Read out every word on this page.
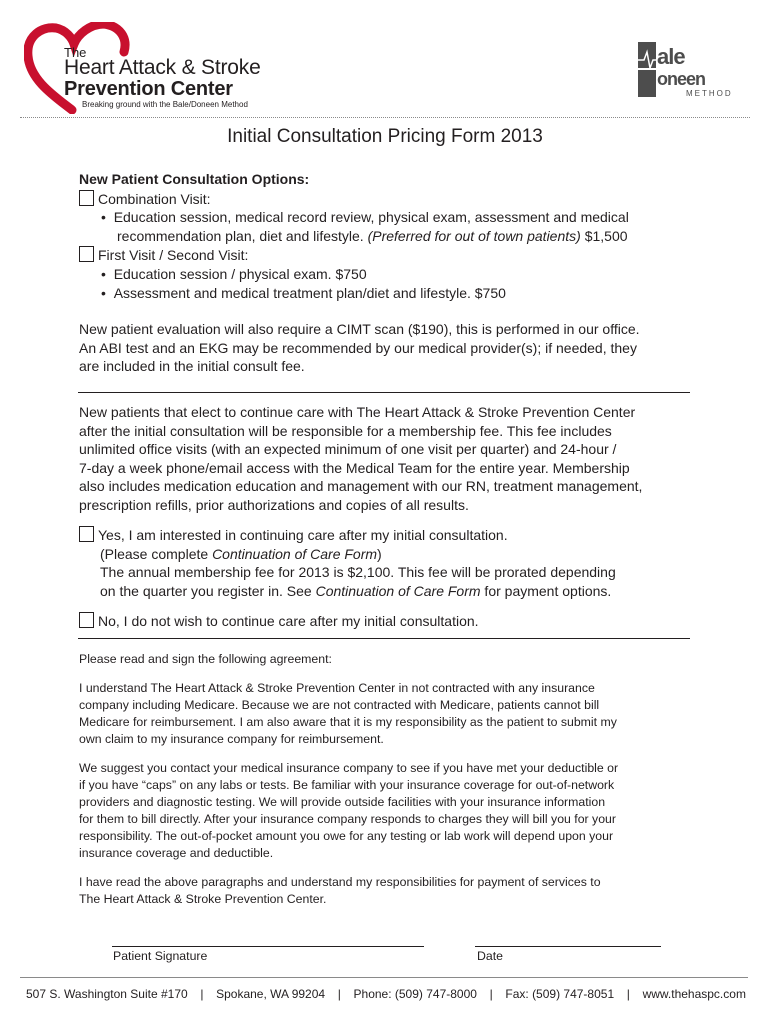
The
Heart Attack & Stroke
Prevention Center
Breaking ground with the Bale/Doneen Method
ale
oneen
METHOD
Initial Consultation Pricing Form 2013
New Patient Consultation Options:
Combination Visit:
•  Education session, medical record review, physical exam, assessment and medical
recommendation plan, diet and lifestyle. (Preferred for out of town patients) $1,500
First Visit / Second Visit:
•  Education session / physical exam. $750
•  Assessment and medical treatment plan/diet and lifestyle. $750
New patient evaluation will also require a CIMT scan ($190), this is performed in our office.
An ABI test and an EKG may be recommended by our medical provider(s); if needed, they
are included in the initial consult fee.
New patients that elect to continue care with The Heart Attack & Stroke Prevention Center
after the initial consultation will be responsible for a membership fee. This fee includes
unlimited office visits (with an expected minimum of one visit per quarter) and 24-hour /
7-day a week phone/email access with the Medical Team for the entire year. Membership
also includes medication education and management with our RN, treatment management,
prescription refills, prior authorizations and copies of all results.
Yes, I am interested in continuing care after my initial consultation.
(Please complete Continuation of Care Form)
The annual membership fee for 2013 is $2,100. This fee will be prorated depending
on the quarter you register in. See Continuation of Care Form for payment options.
No, I do not wish to continue care after my initial consultation.
Please read and sign the following agreement:
I understand The Heart Attack & Stroke Prevention Center in not contracted with any insurance
company including Medicare. Because we are not contracted with Medicare, patients cannot bill
Medicare for reimbursement. I am also aware that it is my responsibility as the patient to submit my
own claim to my insurance company for reimbursement.
We suggest you contact your medical insurance company to see if you have met your deductible or
if you have “caps” on any labs or tests. Be familiar with your insurance coverage for out-of-network
providers and diagnostic testing. We will provide outside facilities with your insurance information
for them to bill directly. After your insurance company responds to charges they will bill you for your
responsibility. The out-of-pocket amount you owe for any testing or lab work will depend upon your
insurance coverage and deductible.
I have read the above paragraphs and understand my responsibilities for payment of services to
The Heart Attack & Stroke Prevention Center.
Patient Signature	Date
507 S. Washington Suite #170 | Spokane, WA 99204 | Phone: (509) 747-8000 | Fax: (509) 747-8051 | www.thehaspc.com
